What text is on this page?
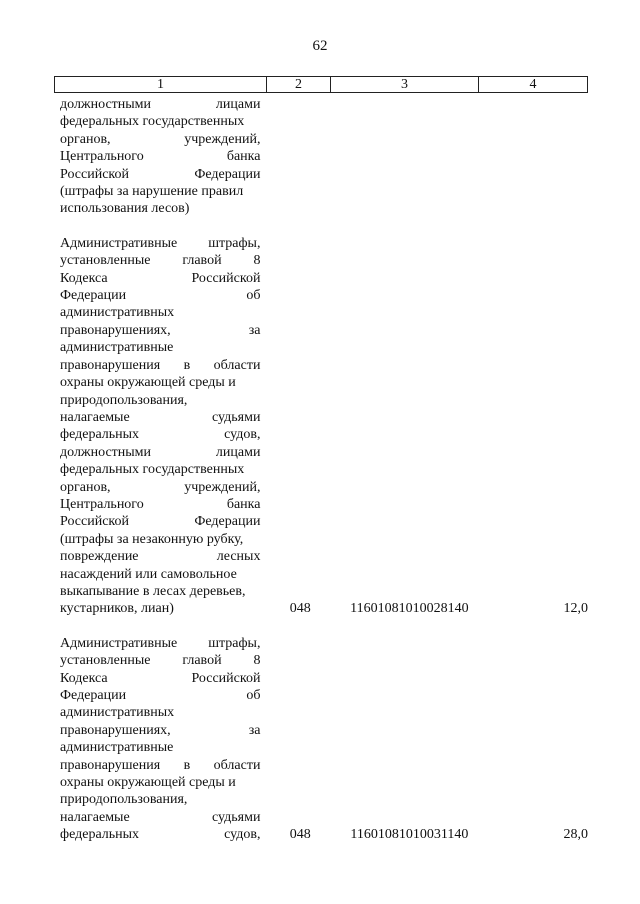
62
1	2	3	4
должностными	лицами
федеральных государственных
органов,	учреждений,
Центрального	банка
Российской	Федерации
(штрафы за нарушение правил
использования лесов)
Административные штрафы,
установленные главой 8
Кодекса	Российской
Федерации	об
административных
правонарушениях,	за
административные
правонарушения в области
охраны окружающей среды и
природопользования,
налагаемые	судьями
федеральных	судов,
должностными	лицами
федеральных государственных
органов,	учреждений,
Центрального	банка
Российской	Федерации
(штрафы за незаконную рубку,
повреждение	лесных
насаждений или самовольное
выкапывание в лесах деревьев,
кустарников, лиан)	048	11601081010028140	12,0
Административные штрафы,
установленные главой 8
Кодекса	Российской
Федерации	об
административных
правонарушениях,	за
административные
правонарушения в области
охраны окружающей среды и
природопользования,
налагаемые	судьями
федеральных	судов,	048	11601081010031140	28,0
